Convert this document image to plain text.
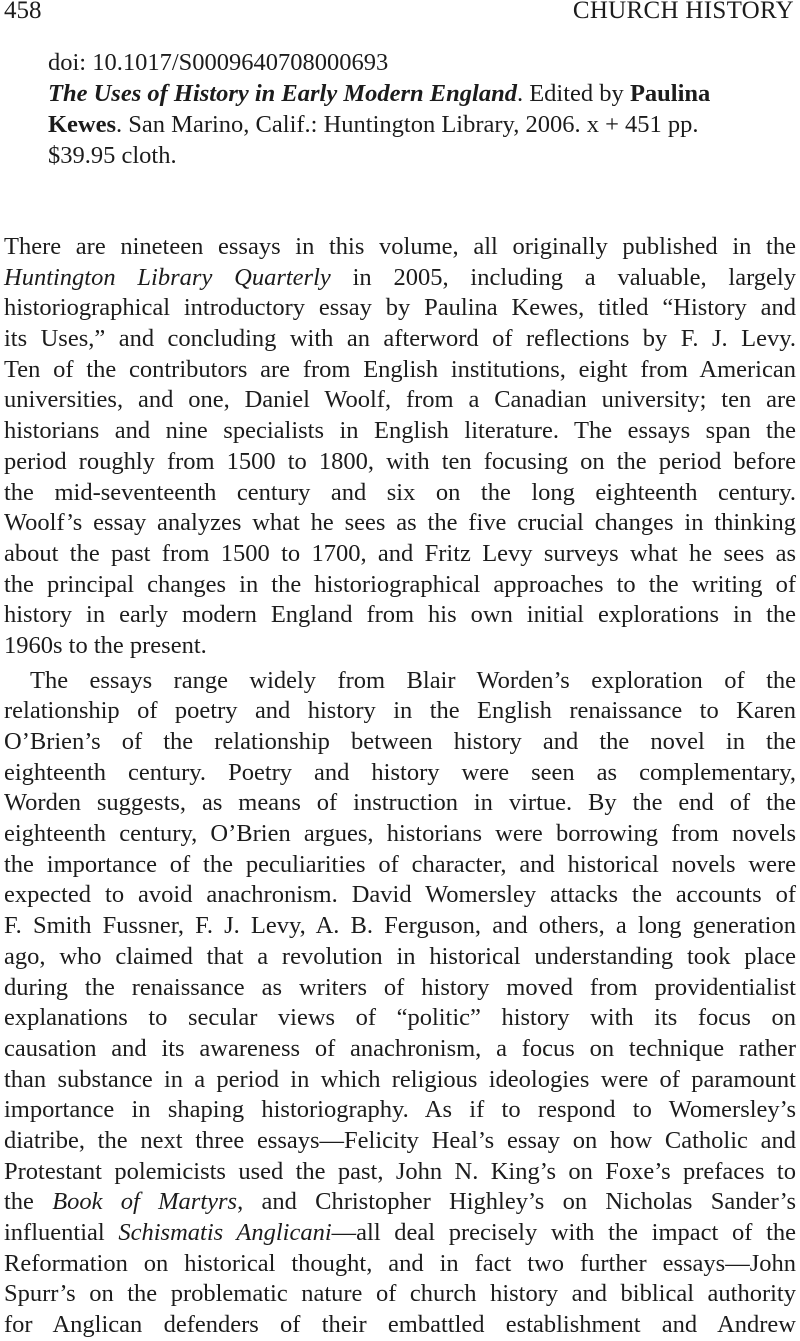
458	CHURCH HISTORY
doi: 10.1017/S0009640708000693
The Uses of History in Early Modern England. Edited by Paulina
Kewes. San Marino, Calif.: Huntington Library, 2006. x + 451 pp.
$39.95 cloth.
There are nineteen essays in this volume, all originally published in the
Huntington Library Quarterly in 2005, including a valuable, largely
historiographical introductory essay by Paulina Kewes, titled “History and
its Uses,” and concluding with an afterword of reflections by F. J. Levy.
Ten of the contributors are from English institutions, eight from American
universities, and one, Daniel Woolf, from a Canadian university; ten are
historians and nine specialists in English literature. The essays span the
period roughly from 1500 to 1800, with ten focusing on the period before
the mid-seventeenth century and six on the long eighteenth century.
Woolf’s essay analyzes what he sees as the five crucial changes in thinking
about the past from 1500 to 1700, and Fritz Levy surveys what he sees as
the principal changes in the historiographical approaches to the writing of
history in early modern England from his own initial explorations in the
1960s to the present.
The essays range widely from Blair Worden’s exploration of the
relationship of poetry and history in the English renaissance to Karen
O’Brien’s of the relationship between history and the novel in the
eighteenth century. Poetry and history were seen as complementary,
Worden suggests, as means of instruction in virtue. By the end of the
eighteenth century, O’Brien argues, historians were borrowing from novels
the importance of the peculiarities of character, and historical novels were
expected to avoid anachronism. David Womersley attacks the accounts of
F. Smith Fussner, F. J. Levy, A. B. Ferguson, and others, a long generation
ago, who claimed that a revolution in historical understanding took place
during the renaissance as writers of history moved from providentialist
explanations to secular views of “politic” history with its focus on
causation and its awareness of anachronism, a focus on technique rather
than substance in a period in which religious ideologies were of paramount
importance in shaping historiography. As if to respond to Womersley’s
diatribe, the next three essays—Felicity Heal’s essay on how Catholic and
Protestant polemicists used the past, John N. King’s on Foxe’s prefaces to
the Book of Martyrs, and Christopher Highley’s on Nicholas Sander’s
influential Schismatis Anglicani—all deal precisely with the impact of the
Reformation on historical thought, and in fact two further essays—John
Spurr’s on the problematic nature of church history and biblical authority
for Anglican defenders of their embattled establishment and Andrew
